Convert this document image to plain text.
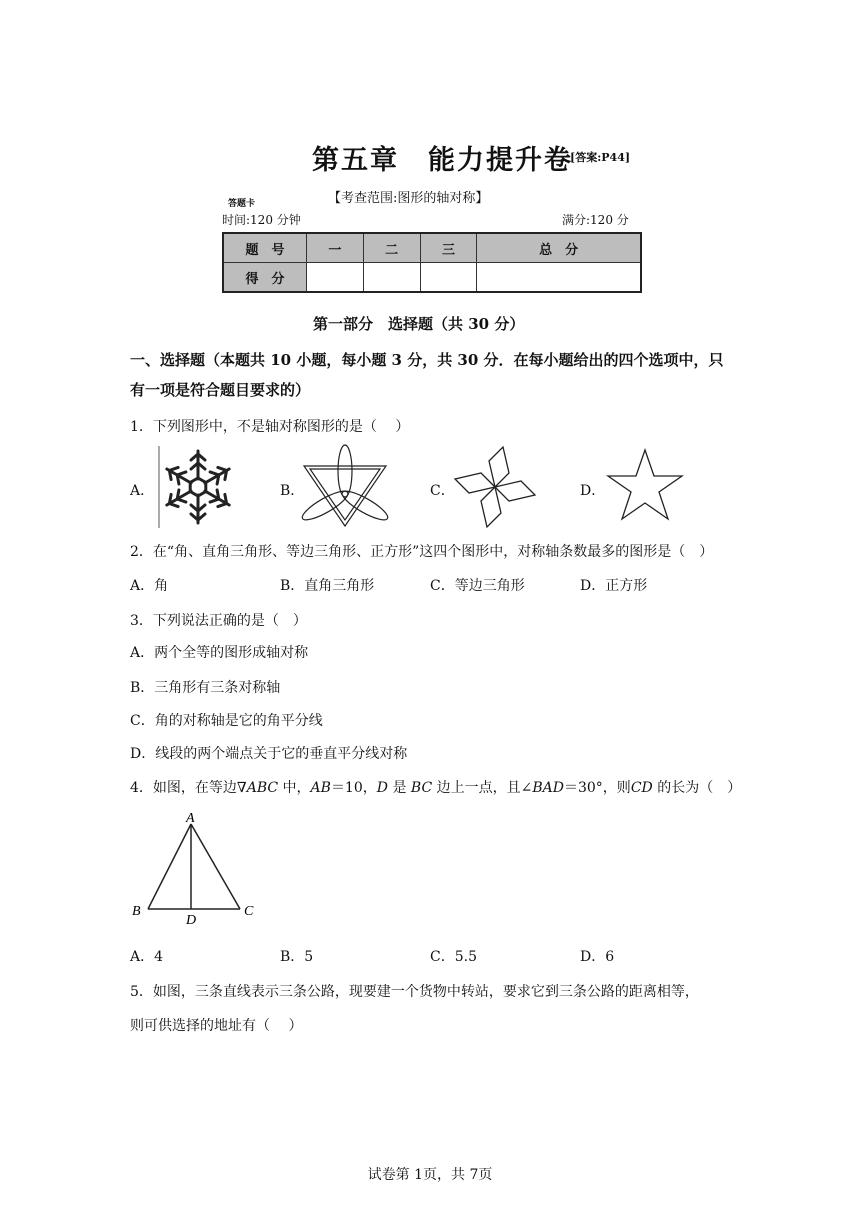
第五章　能力提升卷
[答案:P44]
【考查范围:图形的轴对称】
答题卡
时间:120 分钟	满分:120 分
题　号	一	二	三	总　分
得　分				
第一部分　选择题（共 30 分）
一、选择题（本题共 10 小题，每小题 3 分，共 30 分．在每小题给出的四个选项中，只有一项是符合题目要求的）
1．下列图形中，不是轴对称图形的是（　 ）
A．	B．	C．	D．
2．在“角、直角三角形、等边三角形、正方形”这四个图形中，对称轴条数最多的图形是（　）
A．角	B．直角三角形	C．等边三角形	D．正方形
3．下列说法正确的是（　）
A．两个全等的图形成轴对称
B．三角形有三条对称轴
C．角的对称轴是它的角平分线
D．线段的两个端点关于它的垂直平分线对称
4．如图，在等边∇ABC 中，AB＝10，D 是 BC 边上一点，且∠BAD＝30°，则CD 的长为（　）
A
B	C
D
A．4	B．5	C．5.5	D．6
5．如图，三条直线表示三条公路，现要建一个货物中转站，要求它到三条公路的距离相等，
则可供选择的地址有（　 ）
试卷第 1页，共 7页
